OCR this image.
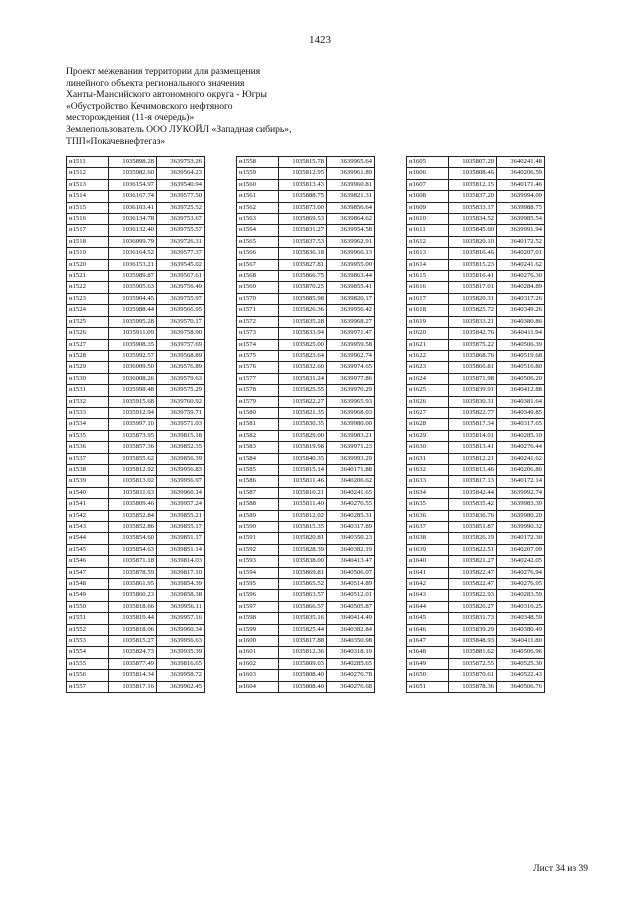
1423
Проект межевания территории для размещения
линейного объекта регионального значения
Ханты-Мансийского автономного округа - Югры
«Обустройство Кечимовского нефтяного
месторождения (11-я очередь)»
Землепользователь ООО ЛУКОЙЛ «Западная сибирь»,
ТПП«Покачевнефтегаз»
н1511	1035898.28	3639753.26
н1512	1035982.60	3639564.23
н1513	1036154.97	3639540.94
н1514	1036167.74	3639577.50
н1515	1036103.41	3639725.52
н1516	1036134.78	3639753.67
н1517	1036132.40	3639755.57
н1518	1036099.79	3639726.31
н1519	1036164.52	3639577.37
н1520	1036153.21	3639545.02
н1521	1035989.87	3639567.61
н1522	1035905.63	3639756.49
н1523	1035904.45	3639755.97
н1524	1035988.44	3639566.95
н1525	1035995.28	3639570.17
н1526	1035911.09	3639758.90
н1527	1035908.35	3639757.69
н1528	1035992.57	3639568.89
н1529	1036009.50	3639576.89
н1530	1036008.26	3639579.63
н1531	1035998.48	3639575.29
н1532	1035915.68	3639760.92
н1533	1035912.94	3639759.71
н1534	1035997.10	3639571.03
н1535	1035873.95	3639815.18
н1536	1035857.36	3639852.35
н1537	1035855.62	3639856.39
н1538	1035812.92	3639956.83
н1539	1035813.02	3639956.97
н1540	1035811.63	3639960.14
н1541	1035809.46	3639957.24
н1542	1035852.84	3639855.21
н1543	1035852.86	3639855.17
н1544	1035854.60	3639851.17
н1545	1035854.63	3639851.14
н1546	1035871.18	3639814.03
н1547	1035878.59	3639817.10
н1548	1035861.95	3639854.39
н1549	1035860.23	3639858.38
н1550	1035818.66	3639956.11
н1551	1035819.44	3639957.16
н1552	1035818.06	3639960.34
н1553	1035815.27	3639956.63
н1554	1035824.73	3639935.39
н1555	1035877.49	3639816.65
н1556	1035814.34	3639958.72
н1557	1035817.16	3639962.45
н1558	1035815.78	3639965.64
н1559	1035812.95	3639961.89
н1560	1035813.43	3639960.81
н1561	1035888.75	3639821.31
н1562	1035873.00	3639856.64
н1563	1035869.53	3639864.62
н1564	1035831.27	3639954.58
н1565	1035837.53	3639962.91
н1566	1035836.18	3639966.13
н1567	1035827.81	3639955.00
н1568	1035866.75	3639863.44
н1569	1035870.25	3639855.41
н1570	1035885.98	3639820.17
н1571	1035826.36	3639956.42
н1572	1035835.28	3639968.27
н1573	1035833.94	3639971.47
н1574	1035825.00	3639959.58
н1575	1035823.64	3639962.74
н1576	1035832.60	3639974.65
н1577	1035831.24	3639977.86
н1578	1035825.55	3639970.29
н1579	1035822.27	3639965.93
н1580	1035821.35	3639968.03
н1581	1035830.35	3639980.00
н1582	1035829.00	3639983.21
н1583	1035819.98	3639971.23
н1584	1035840.35	3639993.29
н1585	1035815.14	3640171.88
н1586	1035811.46	3640206.62
н1587	1035810.21	3640241.65
н1588	1035811.40	3640276.55
н1589	1035812.02	3640285.31
н1590	1035815.35	3640317.89
н1591	1035820.81	3640350.23
н1592	1035828.39	3640382.19
н1593	1035838.00	3640413.47
н1594	1035869.81	3640506.07
н1595	1035865.52	3640514.89
н1596	1035863.57	3640512.01
н1597	1035866.57	3640505.87
н1598	1035835.16	3640414.49
н1599	1035825.44	3640382.84
н1600	1035817.88	3640350.98
н1601	1035812.36	3640318.19
н1602	1035809.03	3640285.65
н1603	1035808.40	3640276.78
н1604	1035808.40	3640276.68
н1605	1035807.20	3640241.48
н1606	1035808.46	3640206.59
н1607	1035812.15	3640171.46
н1608	1035837.20	3639994.09
н1609	1035833.17	3639988.75
н1610	1035834.52	3639985.54
н1611	1035845.60	3639991.94
н1612	1035820.10	3640172.52
н1613	1035816.46	3640207.01
н1614	1035815.23	3640241.62
н1615	1035816.41	3640276.30
н1616	1035817.01	3640284.89
н1617	1035820.31	3640317.26
н1618	1035825.72	3640349.26
н1619	1035833.21	3640380.86
н1620	1035842.76	3640411.94
н1621	1035875.22	3640506.39
н1622	1035868.76	3640519.68
н1623	1035866.81	3640516.80
н1624	1035871.98	3640506.20
н1625	1035839.91	3640412.88
н1626	1035830.31	3640381.64
н1627	1035822.77	3640349.85
н1628	1035817.34	3640317.65
н1629	1035814.01	3640285.10
н1630	1035813.41	3640276.44
н1631	1035812.21	3640241.62
н1632	1035813.46	3640206.80
н1633	1035817.13	3640172.14
н1634	1035842.44	3639992.74
н1635	1035835.42	3639983.39
н1636	1035836.76	3639980.20
н1637	1035851.87	3639990.32
н1638	1035826.19	3640172.30
н1639	1035822.51	3640207.09
н1640	1035821.27	3640242.05
н1641	1035822.47	3640276.94
н1642	1035822.47	3640276.95
н1643	1035822.93	3640283.59
н1644	1035826.27	3640316.25
н1645	1035831.73	3640348.59
н1646	1035839.29	3640380.49
н1647	1035848.93	3640411.80
н1648	1035881.62	3640506.96
н1649	1035872.55	3640525.30
н1650	1035870.61	3640522.43
н1651	1035878.36	3640506.76
Лист 34 из 39
